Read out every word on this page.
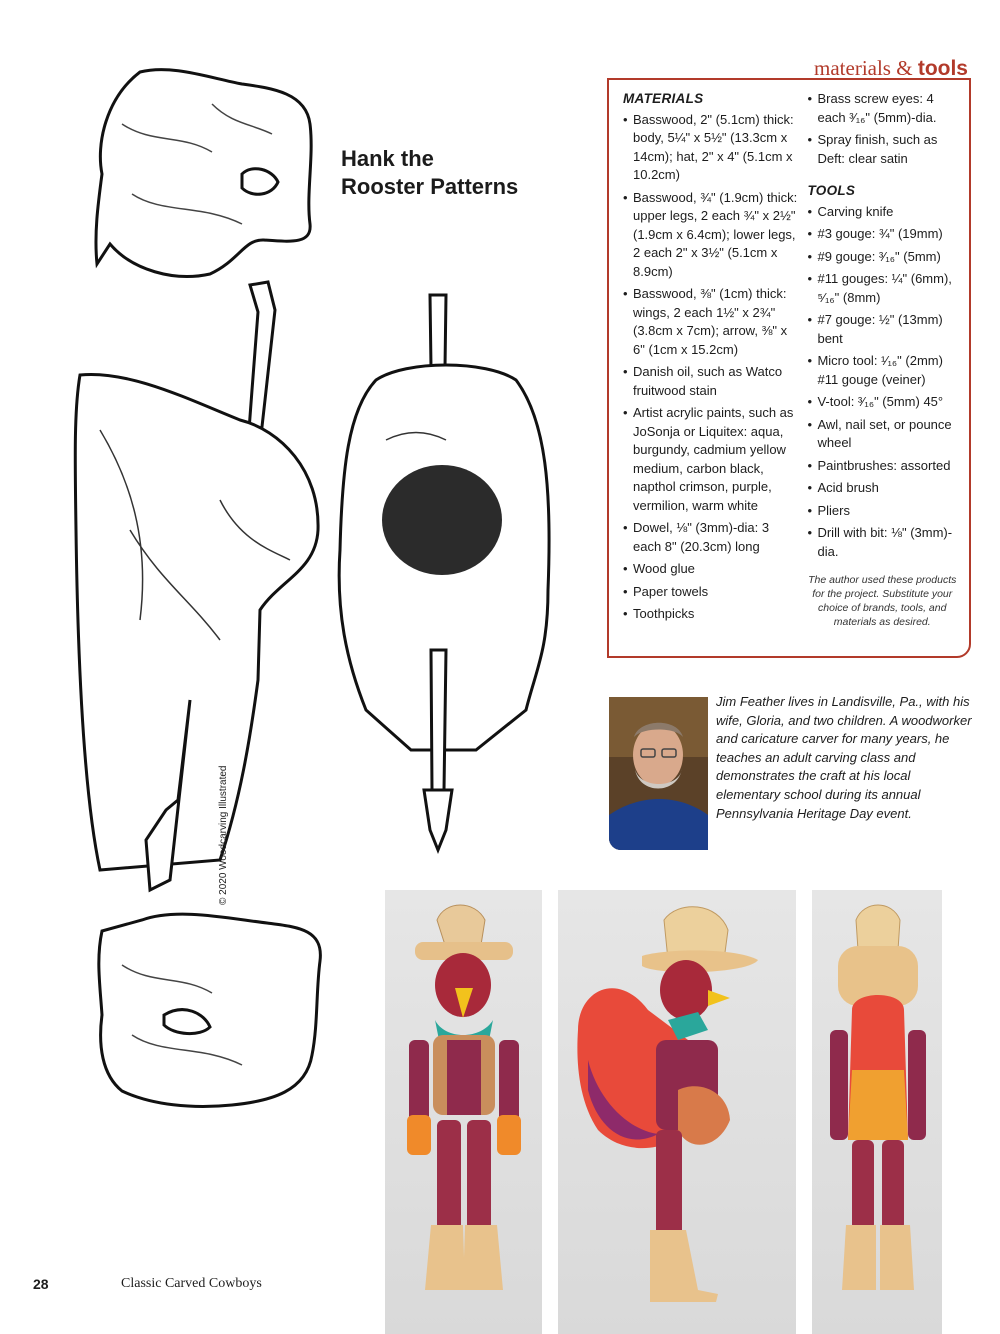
materials & tools
Hank the
Rooster Patterns
© 2020 Woodcarving Illustrated
MATERIALS
• Basswood, 2" (5.1cm) thick: body, 5¼" x 5½" (13.3cm x 14cm); hat, 2" x 4" (5.1cm x 10.2cm)
• Basswood, ¾" (1.9cm) thick: upper legs, 2 each ¾" x 2½" (1.9cm x 6.4cm); lower legs, 2 each 2" x 3½" (5.1cm x 8.9cm)
• Basswood, ⅜" (1cm) thick: wings, 2 each 1½" x 2¾" (3.8cm x 7cm); arrow, ⅜" x 6" (1cm x 15.2cm)
• Danish oil, such as Watco fruitwood stain
• Artist acrylic paints, such as JoSonja or Liquitex: aqua, burgundy, cadmium yellow medium, carbon black, napthol crimson, purple, vermilion, warm white
• Dowel, ⅛" (3mm)-dia: 3 each 8" (20.3cm) long
• Wood glue
• Paper towels
• Toothpicks
• Brass screw eyes: 4 each ³⁄₁₆" (5mm)-dia.
• Spray finish, such as Deft: clear satin
TOOLS
• Carving knife
• #3 gouge: ¾" (19mm)
• #9 gouge: ³⁄₁₆" (5mm)
• #11 gouges: ¼" (6mm), ⁵⁄₁₆" (8mm)
• #7 gouge: ½" (13mm) bent
• Micro tool: ¹⁄₁₆" (2mm) #11 gouge (veiner)
• V-tool: ³⁄₁₆" (5mm) 45°
• Awl, nail set, or pounce wheel
• Paintbrushes: assorted
• Acid brush
• Pliers
• Drill with bit: ⅛" (3mm)-dia.
The author used these products for the project. Substitute your choice of brands, tools, and materials as desired.
Jim Feather lives in Landisville, Pa., with his wife, Gloria, and two children. A woodworker and caricature carver for many years, he teaches an adult carving class and demonstrates the craft at his local elementary school during its annual Pennsylvania Heritage Day event.
28	Classic Carved Cowboys
